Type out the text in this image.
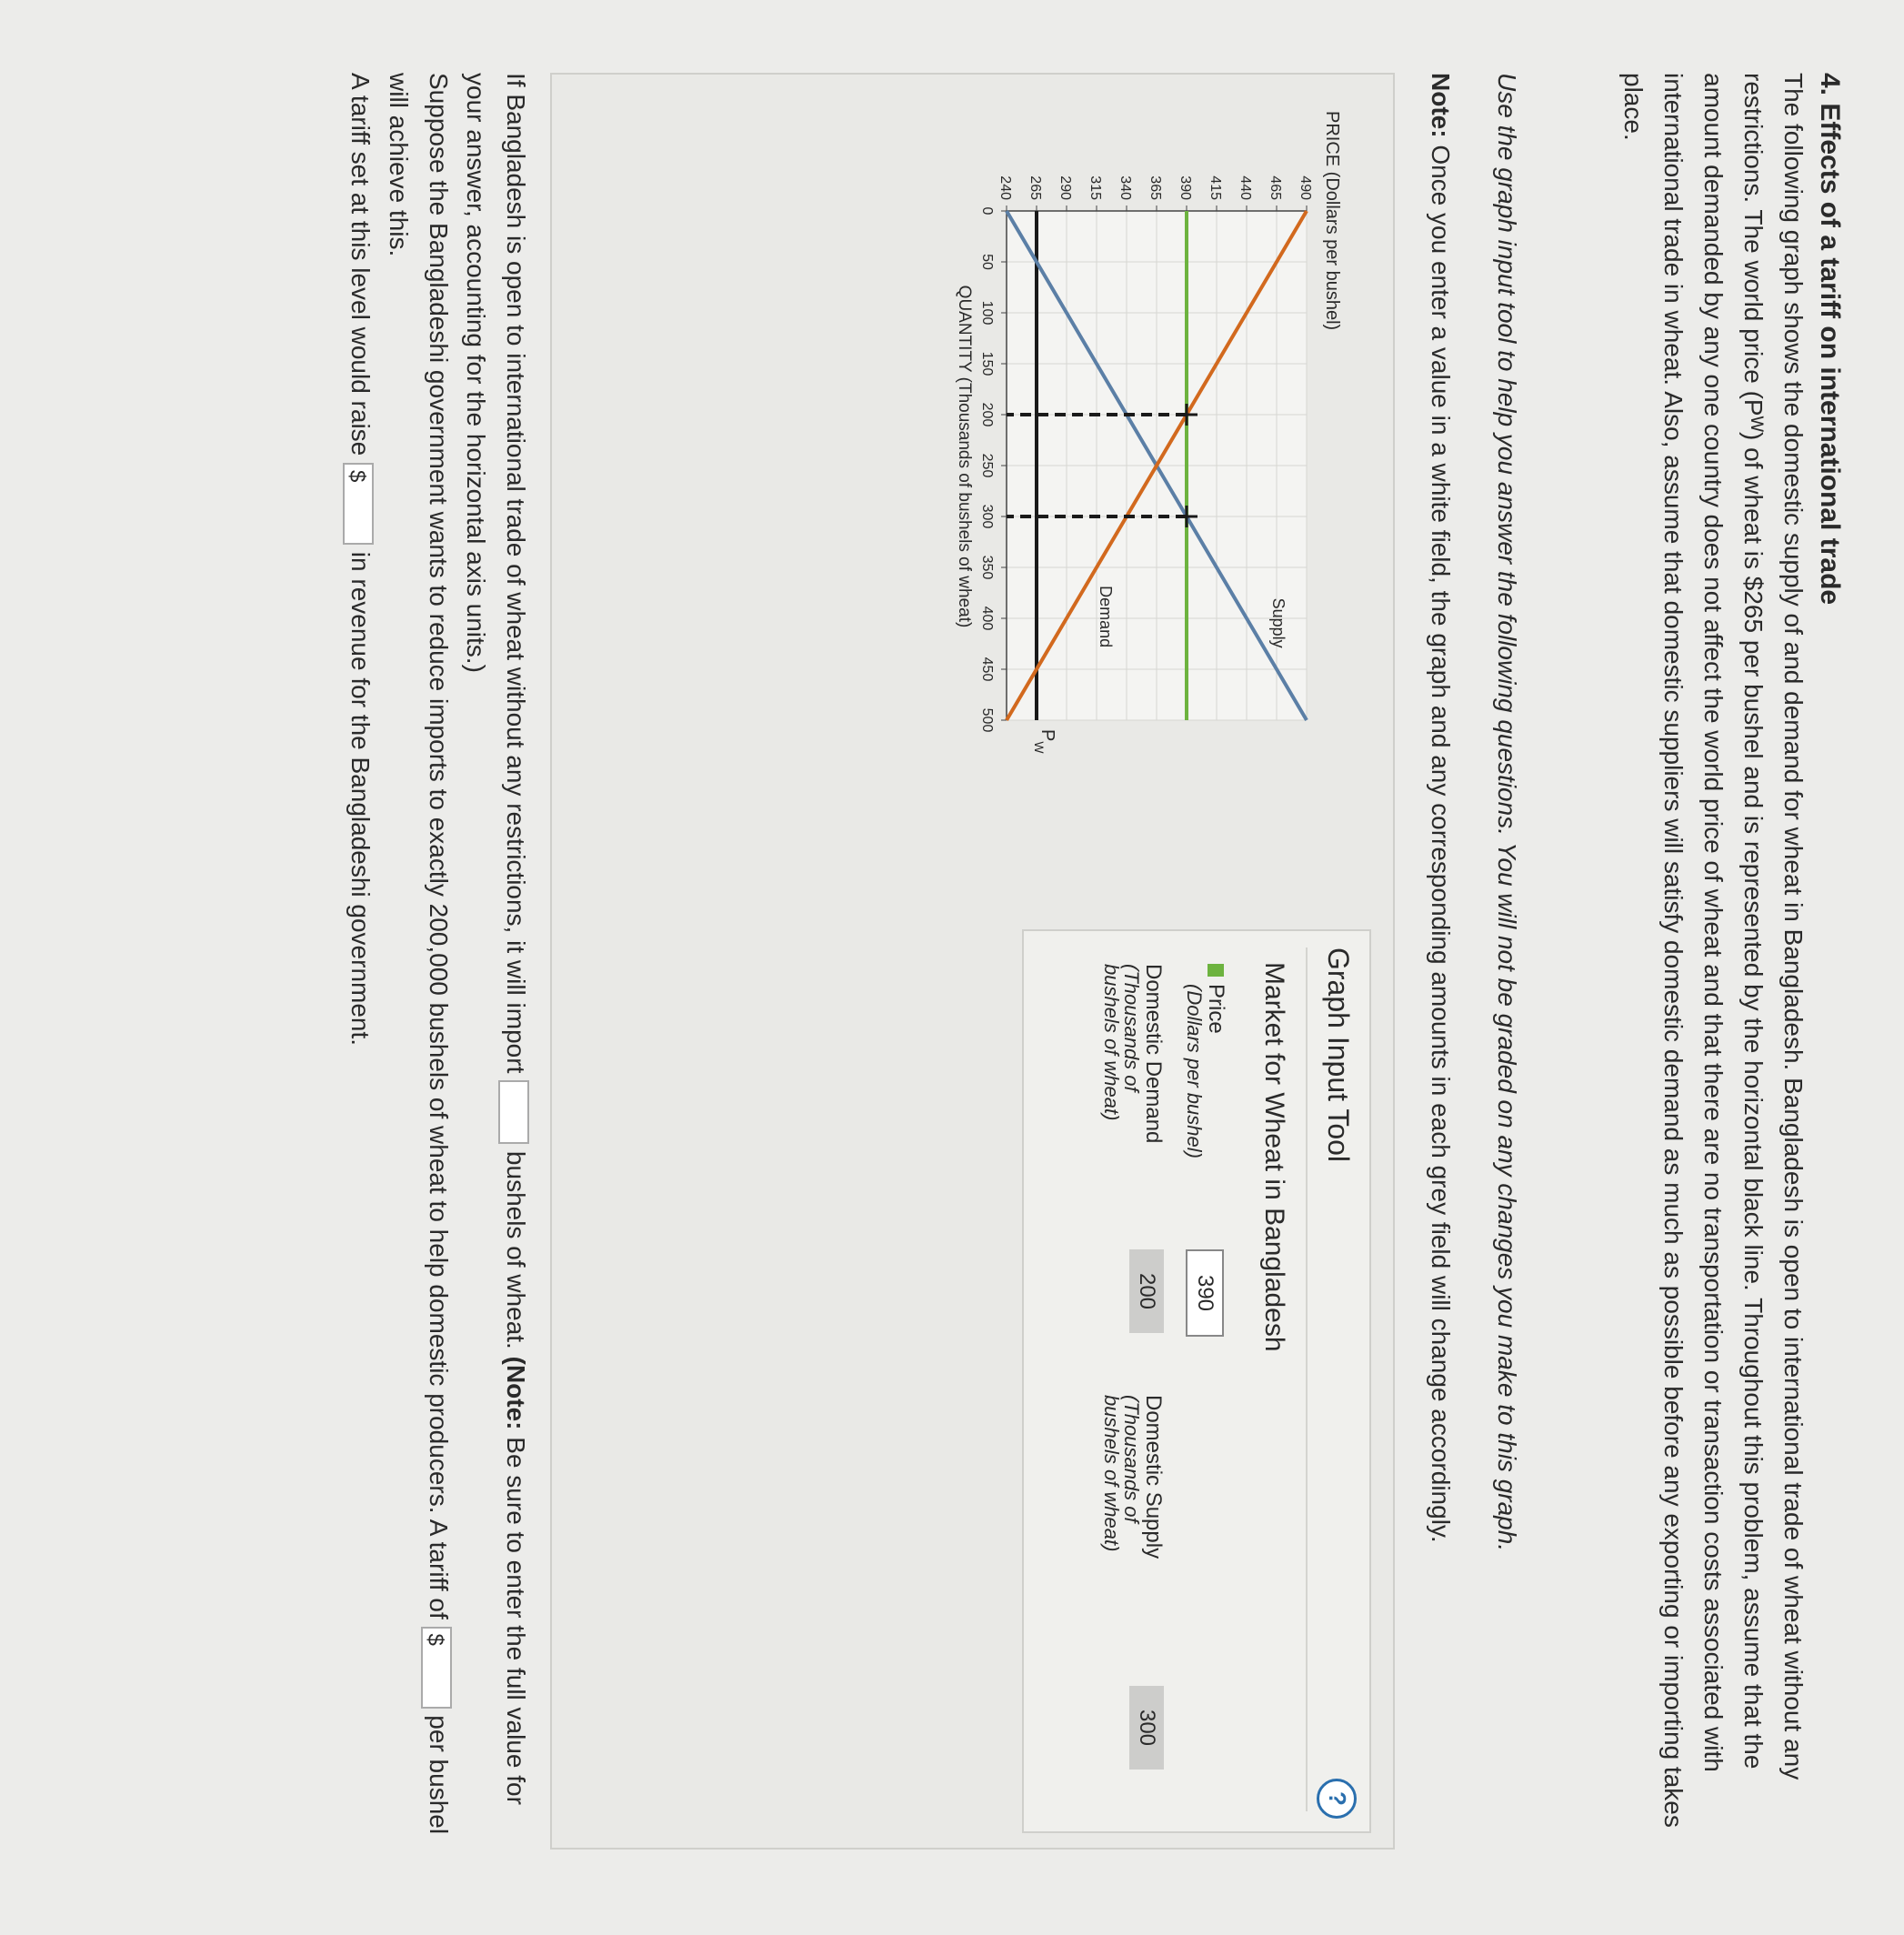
4. Effects of a tariff on international trade
The following graph shows the domestic supply of and demand for wheat in Bangladesh. Bangladesh is open to international trade of wheat without any restrictions. The world price (Pᵂ) of wheat is $265 per bushel and is represented by the horizontal black line. Throughout this problem, assume that the amount demanded by any one country does not affect the world price of wheat and that there are no transportation or transaction costs associated with international trade in wheat. Also, assume that domestic suppliers will satisfy domestic demand as much as possible before any exporting or importing takes place.
Use the graph input tool to help you answer the following questions. You will not be graded on any changes you make to this graph.
Note: Once you enter a value in a white field, the graph and any corresponding amounts in each grey field will change accordingly.
240 265 290 315 340 365 390 415 440 465 490
0
50
100
150
200
250
300
350
400
450
500
PRICE (Dollars per bushel)
QUANTITY (Thousands of bushels of wheat)
$P_W$
Supply
Demand
Graph Input Tool
?
Market for Wheat in Bangladesh
Price
(Dollars per bushel)
390
Domestic Demand
(Thousands of
bushels of wheat)
200
Domestic Supply
(Thousands of
bushels of wheat)
300
If Bangladesh is open to international trade of wheat without any restrictions, it will import  bushels of wheat. (Note: Be sure to enter the full value for your answer, accounting for the horizontal axis units.)
Suppose the Bangladeshi government wants to reduce imports to exactly 200,000 bushels of wheat to help domestic producers. A tariff of $ per bushel will achieve this.
A tariff set at this level would raise $ in revenue for the Bangladeshi government.
